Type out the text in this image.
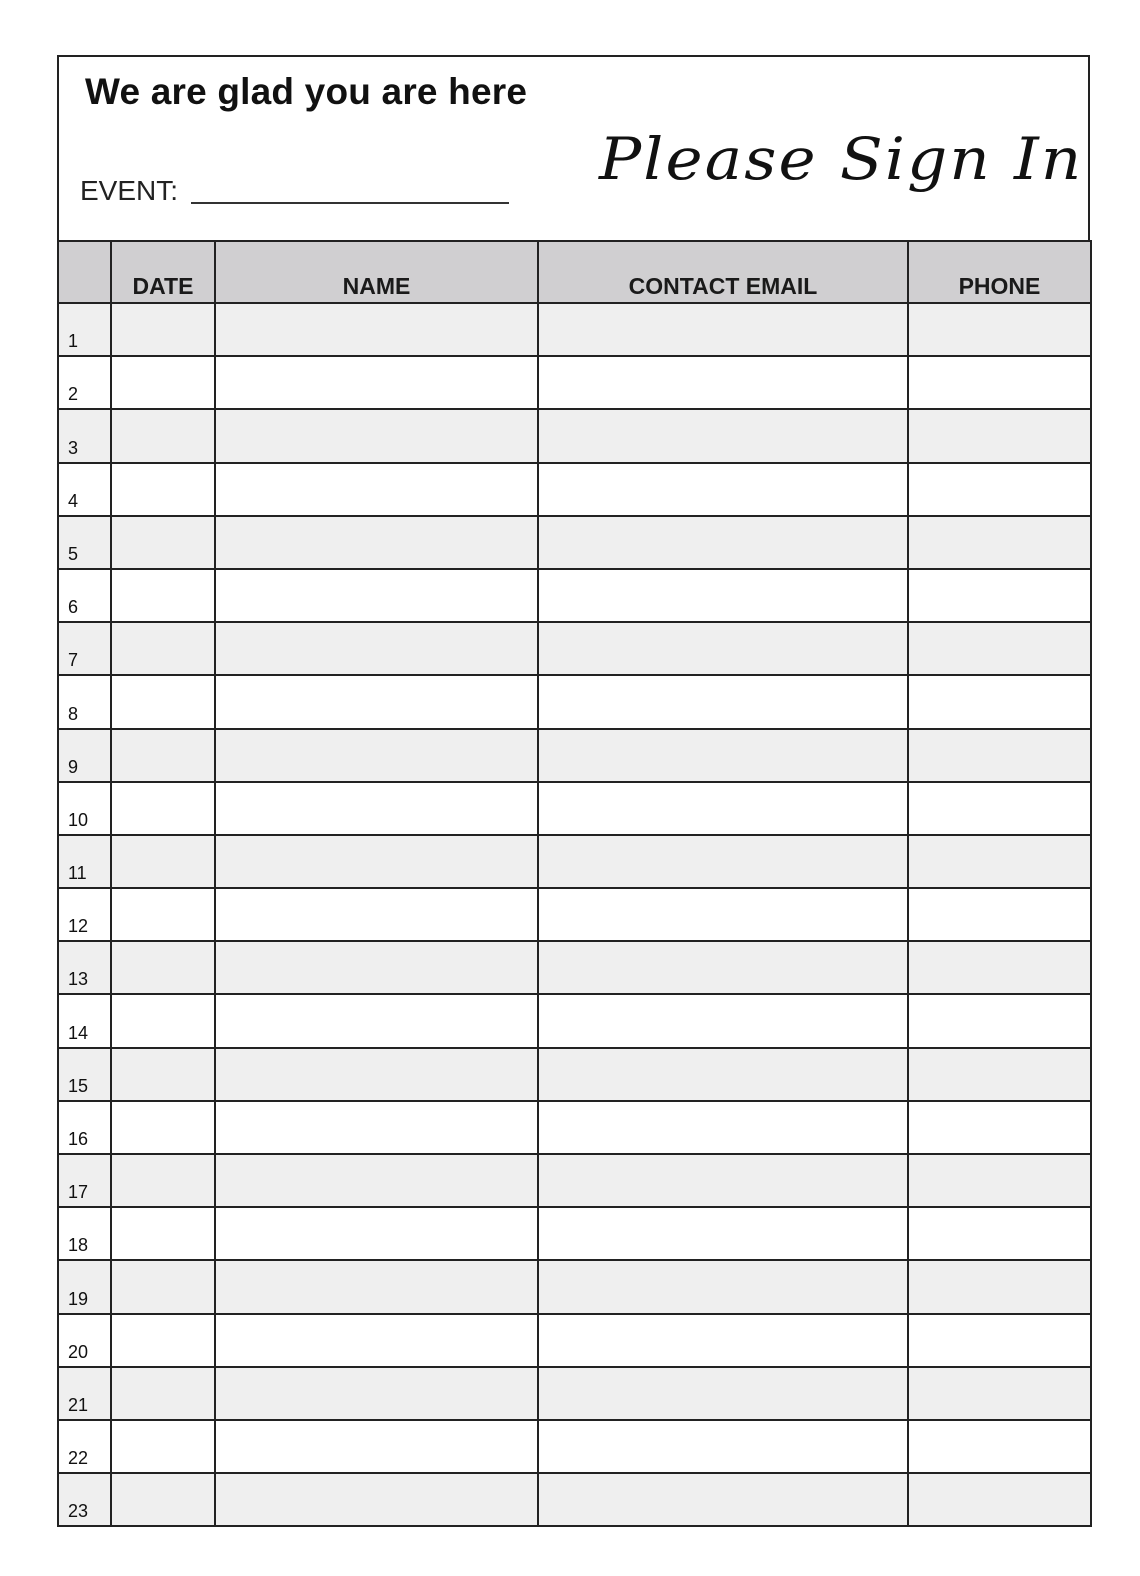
We are glad you are here
EVENT:	Please Sign In
	DATE	NAME	CONTACT EMAIL	PHONE
1				
2				
3				
4				
5				
6				
7				
8				
9				
10				
11				
12				
13				
14				
15				
16				
17				
18				
19				
20				
21				
22				
23				
